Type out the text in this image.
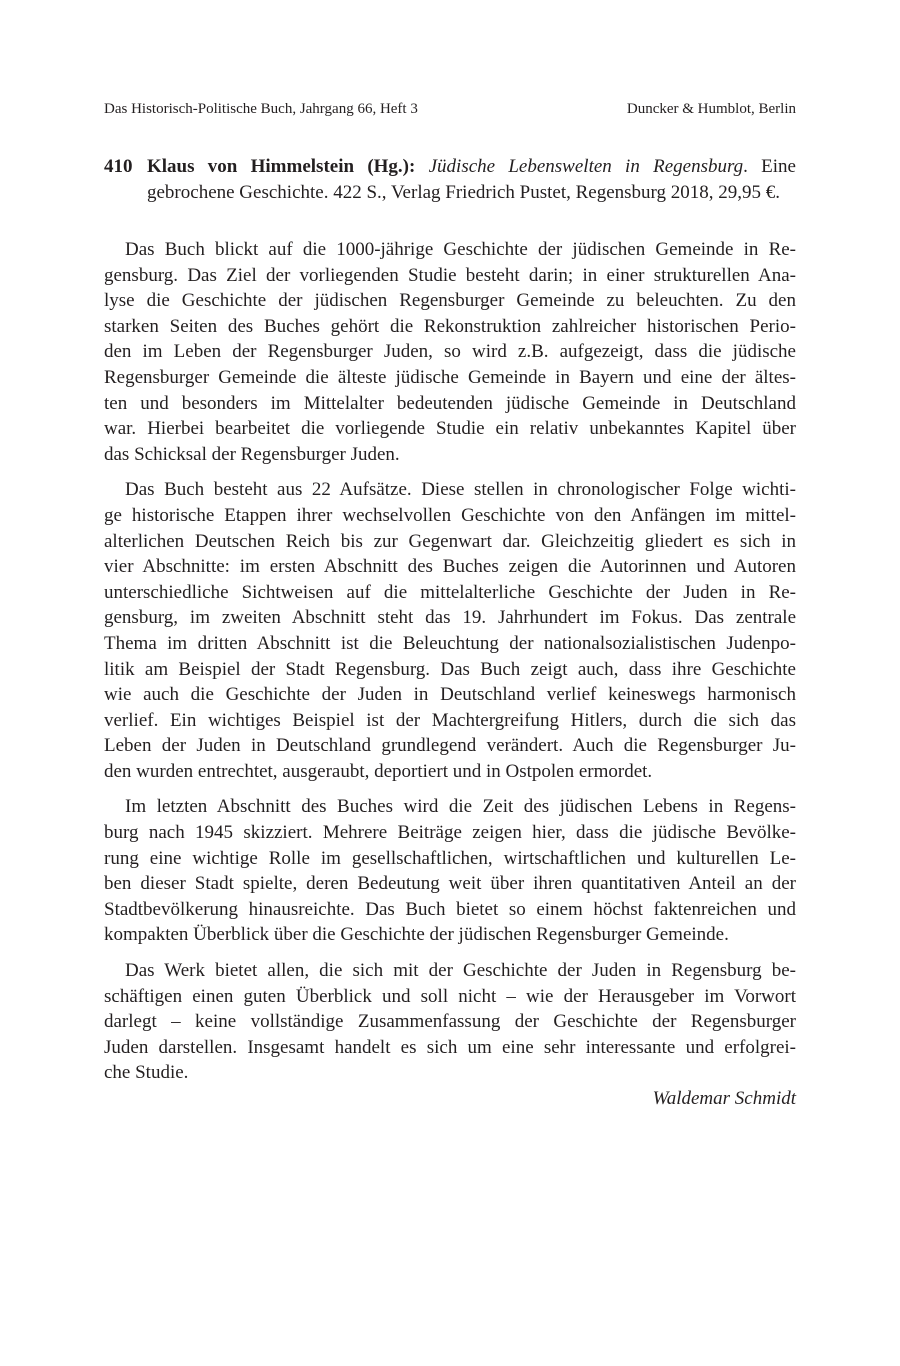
Das Historisch-Politische Buch, Jahrgang 66, Heft 3	Duncker & Humblot, Berlin
410 Klaus von Himmelstein (Hg.): Jüdische Lebenswelten in Regensburg. Eine gebrochene Geschichte. 422 S., Verlag Friedrich Pustet, Regensburg 2018, 29,95 €.
Das Buch blickt auf die 1000-jährige Geschichte der jüdischen Gemeinde in Re-
gensburg. Das Ziel der vorliegenden Studie besteht darin; in einer strukturellen Ana-
lyse die Geschichte der jüdischen Regensburger Gemeinde zu beleuchten. Zu den
starken Seiten des Buches gehört die Rekonstruktion zahlreicher historischen Perio-
den im Leben der Regensburger Juden, so wird z.B. aufgezeigt, dass die jüdische
Regensburger Gemeinde die älteste jüdische Gemeinde in Bayern und eine der ältes-
ten und besonders im Mittelalter bedeutenden jüdische Gemeinde in Deutschland
war. Hierbei bearbeitet die vorliegende Studie ein relativ unbekanntes Kapitel über
das Schicksal der Regensburger Juden.
Das Buch besteht aus 22 Aufsätze. Diese stellen in chronologischer Folge wichti-
ge historische Etappen ihrer wechselvollen Geschichte von den Anfängen im mittel-
alterlichen Deutschen Reich bis zur Gegenwart dar. Gleichzeitig gliedert es sich in
vier Abschnitte: im ersten Abschnitt des Buches zeigen die Autorinnen und Autoren
unterschiedliche Sichtweisen auf die mittelalterliche Geschichte der Juden in Re-
gensburg, im zweiten Abschnitt steht das 19. Jahrhundert im Fokus. Das zentrale
Thema im dritten Abschnitt ist die Beleuchtung der nationalsozialistischen Judenpo-
litik am Beispiel der Stadt Regensburg. Das Buch zeigt auch, dass ihre Geschichte
wie auch die Geschichte der Juden in Deutschland verlief keineswegs harmonisch
verlief. Ein wichtiges Beispiel ist der Machtergreifung Hitlers, durch die sich das
Leben der Juden in Deutschland grundlegend verändert. Auch die Regensburger Ju-
den wurden entrechtet, ausgeraubt, deportiert und in Ostpolen ermordet.
Im letzten Abschnitt des Buches wird die Zeit des jüdischen Lebens in Regens-
burg nach 1945 skizziert. Mehrere Beiträge zeigen hier, dass die jüdische Bevölke-
rung eine wichtige Rolle im gesellschaftlichen, wirtschaftlichen und kulturellen Le-
ben dieser Stadt spielte, deren Bedeutung weit über ihren quantitativen Anteil an der
Stadtbevölkerung hinausreichte. Das Buch bietet so einem höchst faktenreichen und
kompakten Überblick über die Geschichte der jüdischen Regensburger Gemeinde.
Das Werk bietet allen, die sich mit der Geschichte der Juden in Regensburg be-
schäftigen einen guten Überblick und soll nicht – wie der Herausgeber im Vorwort
darlegt – keine vollständige Zusammenfassung der Geschichte der Regensburger
Juden darstellen. Insgesamt handelt es sich um eine sehr interessante und erfolgrei-
che Studie.
Waldemar Schmidt
